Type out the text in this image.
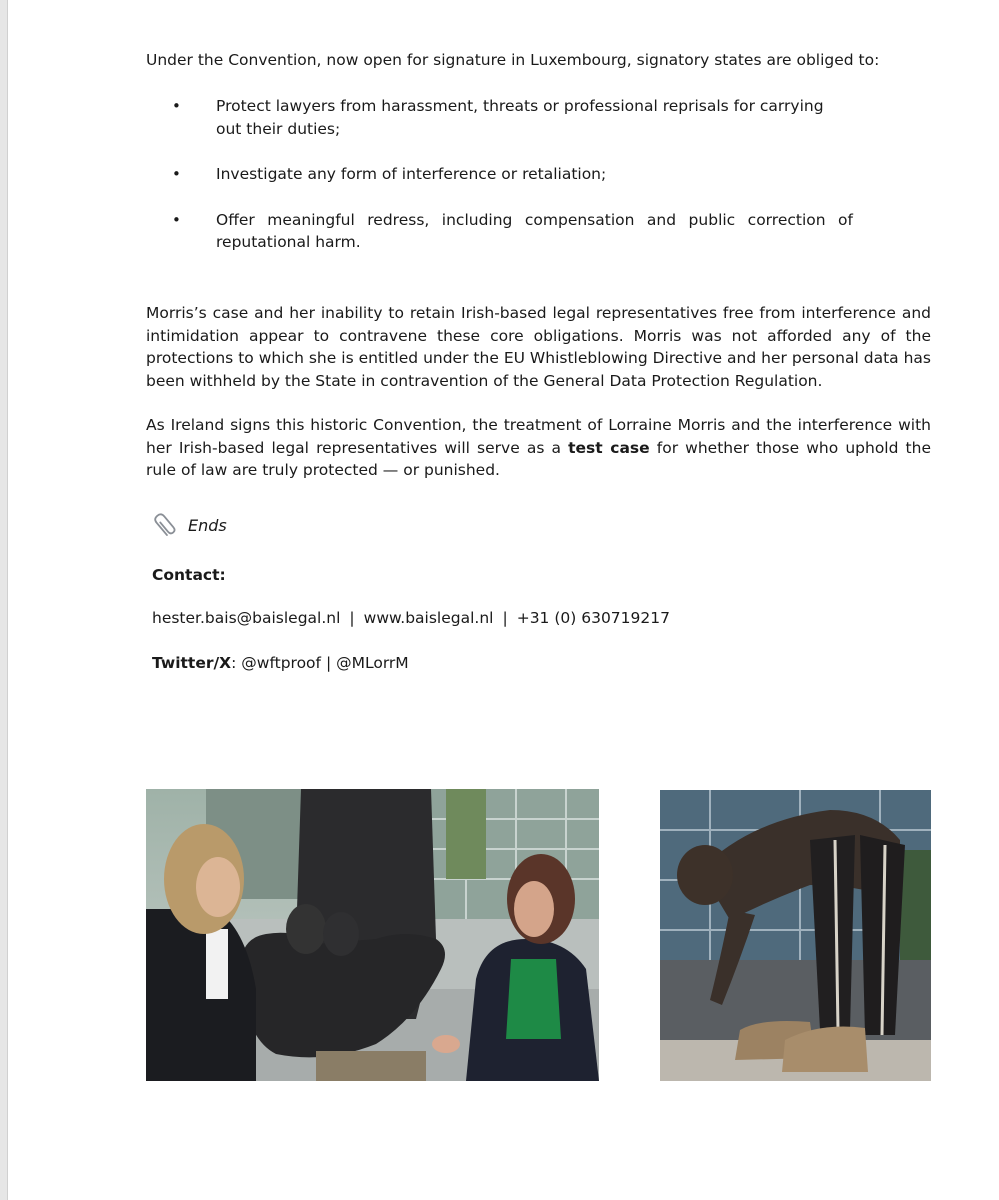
Under the Convention, now open for signature in Luxembourg, signatory states are obliged to:

• Protect lawyers from harassment, threats or professional reprisals for carrying out their duties;
• Investigate any form of interference or retaliation;
• Offer meaningful redress, including compensation and public correction of reputational harm.

Morris’s case and her inability to retain Irish-based legal representatives free from interference and intimidation appear to contravene these core obligations. Morris was not afforded any of the protections to which she is entitled under the EU Whistleblowing Directive and her personal data has been withheld by the State in contravention of the General Data Protection Regulation.

As Ireland signs this historic Convention, the treatment of Lorraine Morris and the interference with her Irish-based legal representatives will serve as a test case for whether those who uphold the rule of law are truly protected — or punished.

Ends

Contact:

hester.bais@baislegal.nl | www.baislegal.nl | +31 (0) 630719217

Twitter/X: @wftproof | @MLorrM
